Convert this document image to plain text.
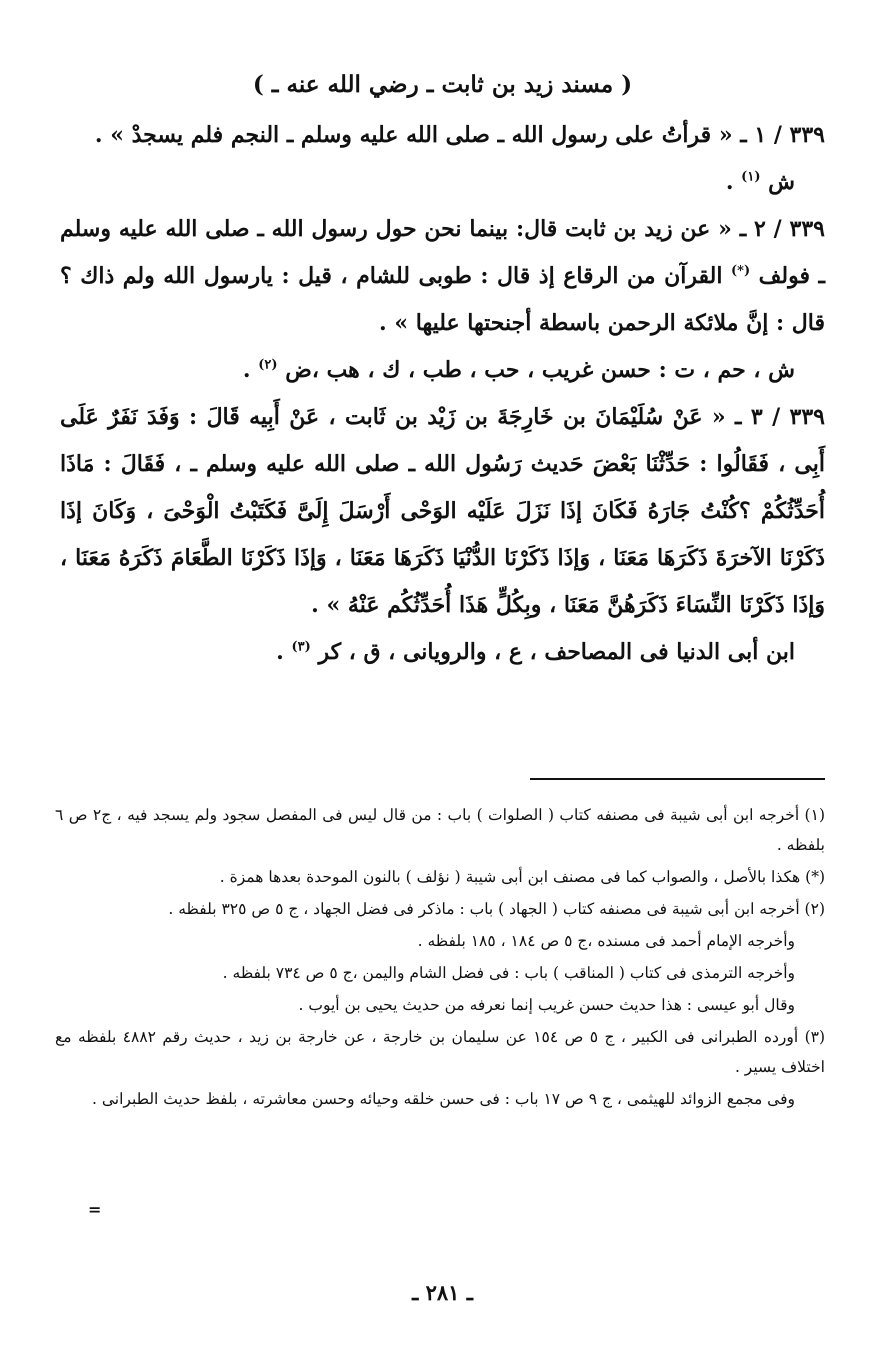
( مسند زيد بن ثابت ـ رضي الله عنه ـ )

٣٣٩ / ١ ـ « قرأتُ على رسول الله ـ صلى الله عليه وسلم ـ النجم فلم يسجدْ » .

ش $^{(١)}$ .

٣٣٩ / ٢ ـ « عن زيد بن ثابت قال: بينما نحن حول رسول الله ـ صلى الله عليه وسلم ـ فولف (*) القرآن من الرقاع إذ قال : طوبى للشام ، قيل : يارسول الله ولم ذاك ؟قال : إنَّ ملائكة الرحمن باسطة أجنحتها عليها » .

ش ، حم ، ت : حسن غريب ، حب ، طب ، ك ، هب ،ض $^{(٢)}$ .

٣٣٩ / ٣ ـ « عَنْ سُلَيْمَانَ بن خَارِجَةَ بن زَيْد بن ثَابت ، عَنْ أَبِيه قَالَ : وَفَدَ نَفَرٌ عَلَى أَبِى ، فَقَالُوا : حَدِّثْنَا بَعْضَ حَديث رَسُول الله ـ صلى الله عليه وسلم ـ ، فَقَالَ : مَاذَا أُحَدِّثُكُمْ ؟كُنْتُ جَارَهُ فَكَانَ إذَا نَزَلَ عَلَيْه الوَحْى أَرْسَلَ إِلَىَّ فَكَتَبْتُ الْوَحْىَ ، وَكَانَ إذَا ذَكَرْنَا الآخرَةَ ذَكَرَهَا مَعَنَا ، وَإذَا ذَكَرْنَا الدُّنْيَا ذَكَرَهَا مَعَنَا ، وَإذَا ذَكَرْنَا الطَّعَامَ ذَكَرَهُ مَعَنَا ، وَإذَا ذَكَرْنَا النِّسَاءَ ذَكَرَهُنَّ مَعَنَا ، وبِكُلٍّ هَذَا أُحَدِّثُكُم عَنْهُ » .

ابن أبى الدنيا فى المصاحف ، ع ، والرويانى ، ق ، كر $^{(٣)}$ .

(١) أخرجه ابن أبى شيبة فى مصنفه كتاب ( الصلوات ) باب : من قال ليس فى المفصل سجود ولم يسجد فيه ، ج٢ ص ٦ بلفظه .

(*) هكذا بالأصل ، والصواب كما فى مصنف ابن أبى شيبة ( نؤلف ) بالنون الموحدة بعدها همزة .

(٢) أخرجه ابن أبى شيبة فى مصنفه كتاب ( الجهاد ) باب : ماذكر فى فضل الجهاد ، ج ٥ ص ٣٢٥ بلفظه .

وأخرجه الإمام أحمد فى مسنده ،ج ٥ ص ١٨٤ ، ١٨٥ بلفظه .

وأخرجه الترمذى فى كتاب ( المناقب ) باب : فى فضل الشام واليمن ،ج ٥ ص ٧٣٤ بلفظه .

وقال أبو عيسى : هذا حديث حسن غريب إنما نعرفه من حديث يحيى بن أيوب .

(٣) أورده الطبرانى فى الكبير ، ج ٥ ص ١٥٤ عن سليمان بن خارجة ، عن خارجة بن زيد ، حديث رقم ٤٨٨٢ بلفظه مع اختلاف يسير .

وفى مجمع الزوائد للهيثمى ، ج ٩ ص ١٧ باب : فى حسن خلقه وحيائه وحسن معاشرته ، بلفظ حديث الطبرانى .

=
ـ ٢٨١ ـ
